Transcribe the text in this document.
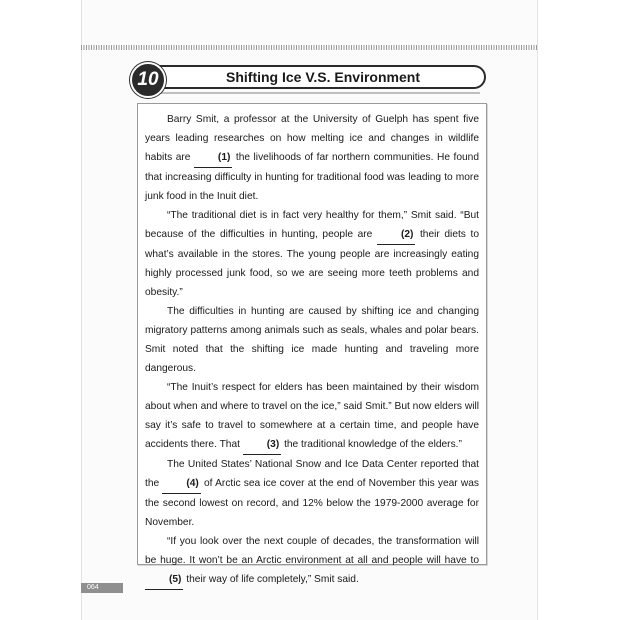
10	Shifting Ice V.S. Environment

Barry Smit, a professor at the University of Guelph has spent five years leading researches on how melting ice and changes in wildlife habits are (1) the livelihoods of far northern communities. He found that increasing difficulty in hunting for traditional food was leading to more junk food in the Inuit diet.

“The traditional diet is in fact very healthy for them,” Smit said. “But because of the difficulties in hunting, people are (2) their diets to what’s available in the stores. The young people are increasingly eating highly processed junk food, so we are seeing more teeth problems and obesity.”

The difficulties in hunting are caused by shifting ice and changing migratory patterns among animals such as seals, whales and polar bears. Smit noted that the shifting ice made hunting and traveling more dangerous.

“The Inuit’s respect for elders has been maintained by their wisdom about when and where to travel on the ice,” said Smit.” But now elders will say it’s safe to travel to somewhere at a certain time, and people have accidents there. That (3) the traditional knowledge of the elders.”

The United States’ National Snow and Ice Data Center reported that the (4) of Arctic sea ice cover at the end of November this year was the second lowest on record, and 12% below the 1979-2000 average for November.

“If you look over the next couple of decades, the transformation will be huge. It won’t be an Arctic environment at all and people will have to (5) their way of life completely,” Smit said.

064
